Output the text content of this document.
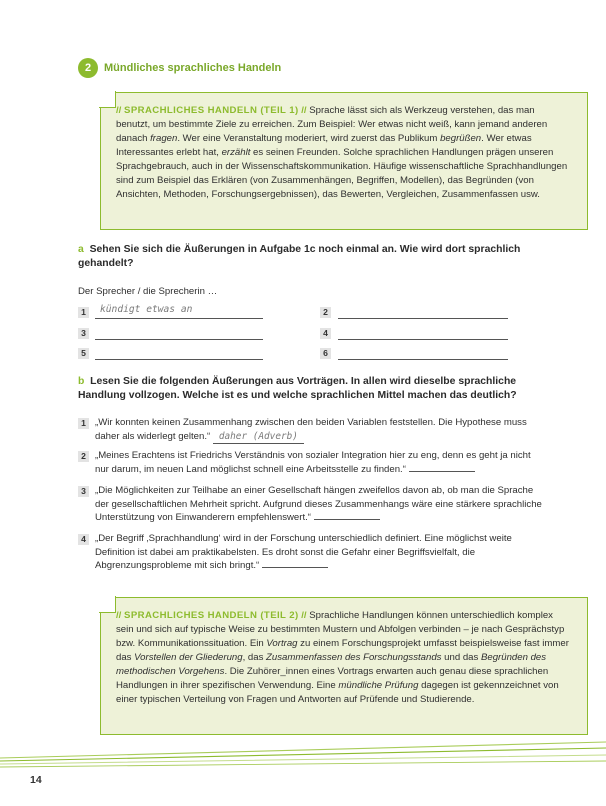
2	Mündliches sprachliches Handeln
// SPRACHLICHES HANDELN (TEIL 1) // Sprache lässt sich als Werkzeug verstehen, das man benutzt, um bestimmte Ziele zu erreichen. Zum Beispiel: Wer etwas nicht weiß, kann jemand anderen danach fragen. Wer eine Veranstaltung moderiert, wird zuerst das Publikum begrüßen. Wer etwas Interessantes erlebt hat, erzählt es seinen Freunden. Solche sprachlichen Handlungen prägen unseren Sprachgebrauch, auch in der Wissenschaftskommunikation. Häufige wissenschaftliche Sprachhandlungen sind zum Beispiel das Erklären (von Zusammenhängen, Begriffen, Modellen), das Begründen (von Ansichten, Methoden, Forschungsergebnissen), das Bewerten, Vergleichen, Zusammenfassen usw.
a Sehen Sie sich die Äußerungen in Aufgabe 1c noch einmal an. Wie wird dort sprachlich gehandelt?
Der Sprecher / die Sprecherin …
1	kündigt etwas an	2
3	4
5	6
b Lesen Sie die folgenden Äußerungen aus Vorträgen. In allen wird dieselbe sprachliche Handlung vollzogen. Welche ist es und welche sprachlichen Mittel machen das deutlich?
1 „Wir konnten keinen Zusammenhang zwischen den beiden Variablen feststellen. Die Hypothese muss daher als widerlegt gelten.“ daher (Adverb)
2 „Meines Erachtens ist Friedrichs Verständnis von sozialer Integration hier zu eng, denn es geht ja nicht nur darum, im neuen Land möglichst schnell eine Arbeitsstelle zu finden.“
3 „Die Möglichkeiten zur Teilhabe an einer Gesellschaft hängen zweifellos davon ab, ob man die Sprache der gesellschaftlichen Mehrheit spricht. Aufgrund dieses Zusammenhangs wäre eine stärkere sprachliche Unterstützung von Einwanderern empfehlenswert.“
4 „Der Begriff ‚Sprachhandlung‘ wird in der Forschung unterschiedlich definiert. Eine möglichst weite Definition ist dabei am praktikabelsten. Es droht sonst die Gefahr einer Begriffsvielfalt, die Abgrenzungsprobleme mit sich bringt.“
// SPRACHLICHES HANDELN (TEIL 2) // Sprachliche Handlungen können unterschiedlich komplex sein und sich auf typische Weise zu bestimmten Mustern und Abfolgen verbinden – je nach Gesprächstyp bzw. Kommunikationssituation. Ein Vortrag zu einem Forschungsprojekt umfasst beispielsweise fast immer das Vorstellen der Gliederung, das Zusammenfassen des Forschungsstands und das Begründen des methodischen Vorgehens. Die Zuhörer_innen eines Vortrags erwarten auch genau diese sprachlichen Handlungen in ihrer spezifischen Verwendung. Eine mündliche Prüfung dagegen ist gekennzeichnet von einer typischen Verteilung von Fragen und Antworten auf Prüfende und Studierende.
14
